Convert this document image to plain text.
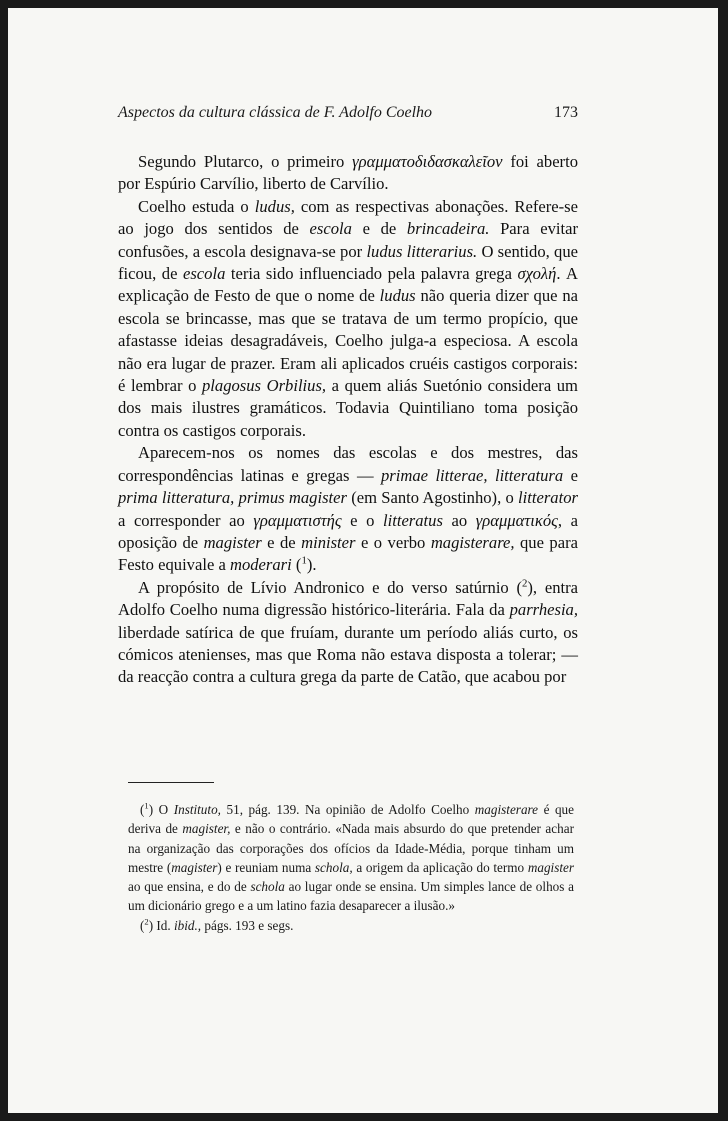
Aspectos da cultura clássica de F. Adolfo Coelho	173

Segundo Plutarco, o primeiro γραμματοδιδασκαλεῖον foi aberto por Espúrio Carvílio, liberto de Carvílio.

Coelho estuda o ludus, com as respectivas abonações. Refere-se ao jogo dos sentidos de escola e de brincadeira. Para evitar confusões, a escola designava-se por ludus litterarius. O sentido, que ficou, de escola teria sido influenciado pela palavra grega σχολή. A explicação de Festo de que o nome de ludus não queria dizer que na escola se brincasse, mas que se tratava de um termo propício, que afastasse ideias desagradáveis, Coelho julga-a especiosa. A escola não era lugar de prazer. Eram ali aplicados cruéis castigos corporais: é lembrar o plagosus Orbilius, a quem aliás Suetónio considera um dos mais ilustres gramáticos. Todavia Quintiliano toma posição contra os castigos corporais.

Aparecem-nos os nomes das escolas e dos mestres, das correspondências latinas e gregas — primae litterae, litteratura e prima litteratura, primus magister (em Santo Agostinho), o litterator a corresponder ao γραμματιστής e o litteratus ao γραμματικός, a oposição de magister e de minister e o verbo magisterare, que para Festo equivale a moderari ($^1$).

A propósito de Lívio Andronico e do verso satúrnio ($^2$), entra Adolfo Coelho numa digressão histórico-literária. Fala da parrhesia, liberdade satírica de que fruíam, durante um período aliás curto, os cómicos atenienses, mas que Roma não estava disposta a tolerar; — da reacção contra a cultura grega da parte de Catão, que acabou por

($^1$) O Instituto, 51, pág. 139. Na opinião de Adolfo Coelho magisterare é que deriva de magister, e não o contrário. «Nada mais absurdo do que pretender achar na organização das corporações dos ofícios da Idade-Média, porque tinham um mestre (magister) e reuniam numa schola, a origem da aplicação do termo magister ao que ensina, e do de schola ao lugar onde se ensina. Um simples lance de olhos a um dicionário grego e a um latino fazia desaparecer a ilusão.»

($^2$) Id. ibid., págs. 193 e segs.
